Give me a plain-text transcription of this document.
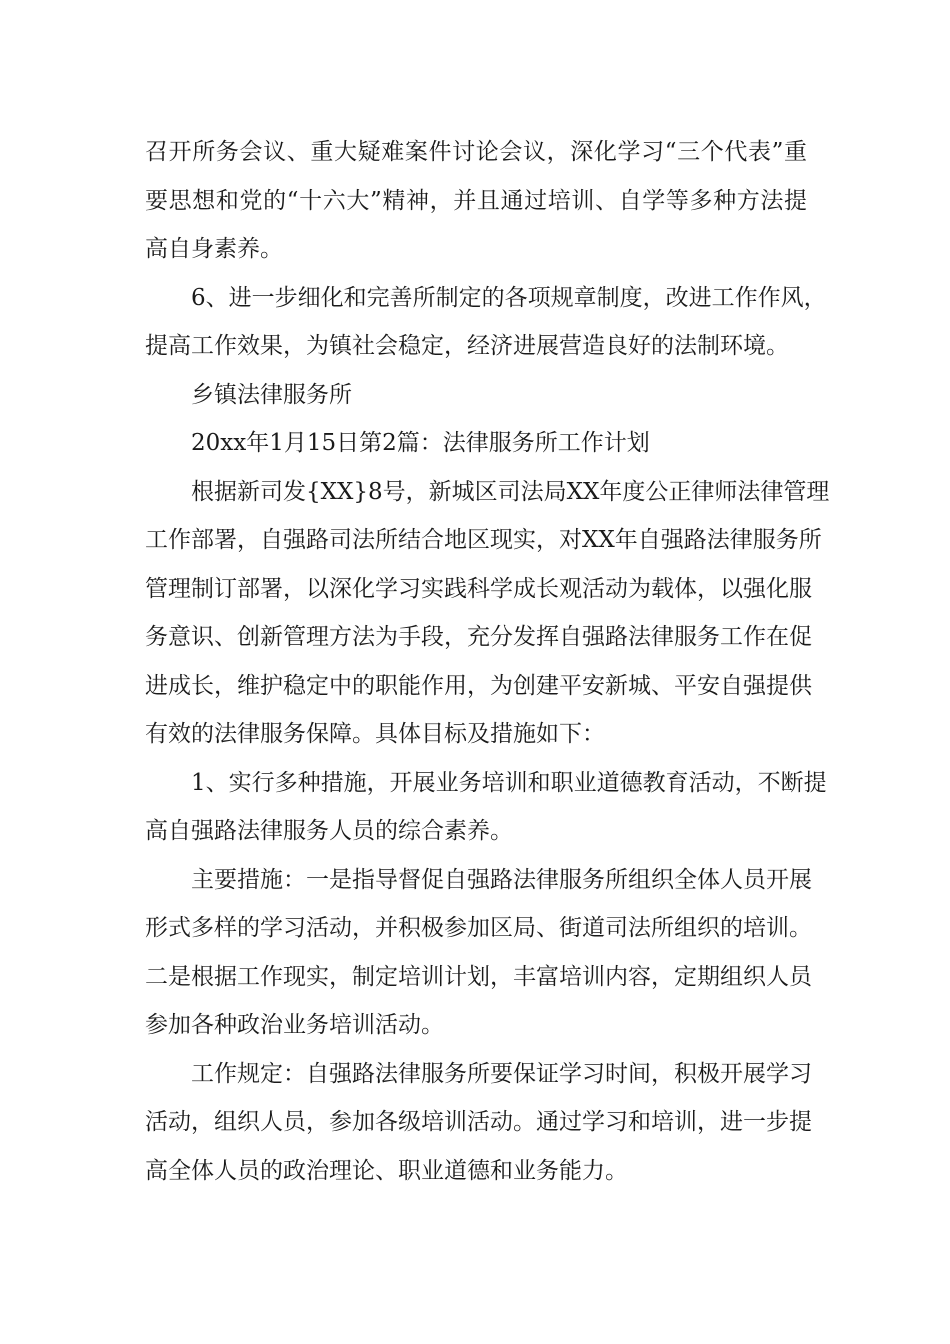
召开所务会议、重大疑难案件讨论会议，深化学习“三个代表”重
要思想和党的“十六大”精神，并且通过培训、自学等多种方法提
高自身素养。
6、进一步细化和完善所制定的各项规章制度，改进工作作风，
提高工作效果，为镇社会稳定，经济进展营造良好的法制环境。
乡镇法律服务所
20xx年1月15日第2篇：法律服务所工作计划
根据新司发{XX}8号，新城区司法局XX年度公正律师法律管理
工作部署，自强路司法所结合地区现实，对XX年自强路法律服务所
管理制订部署，以深化学习实践科学成长观活动为载体，以强化服
务意识、创新管理方法为手段，充分发挥自强路法律服务工作在促
进成长，维护稳定中的职能作用，为创建平安新城、平安自强提供
有效的法律服务保障。具体目标及措施如下：
1、实行多种措施，开展业务培训和职业道德教育活动，不断提
高自强路法律服务人员的综合素养。
主要措施：一是指导督促自强路法律服务所组织全体人员开展
形式多样的学习活动，并积极参加区局、街道司法所组织的培训。
二是根据工作现实，制定培训计划，丰富培训内容，定期组织人员
参加各种政治业务培训活动。
工作规定：自强路法律服务所要保证学习时间，积极开展学习
活动，组织人员，参加各级培训活动。通过学习和培训，进一步提
高全体人员的政治理论、职业道德和业务能力。
